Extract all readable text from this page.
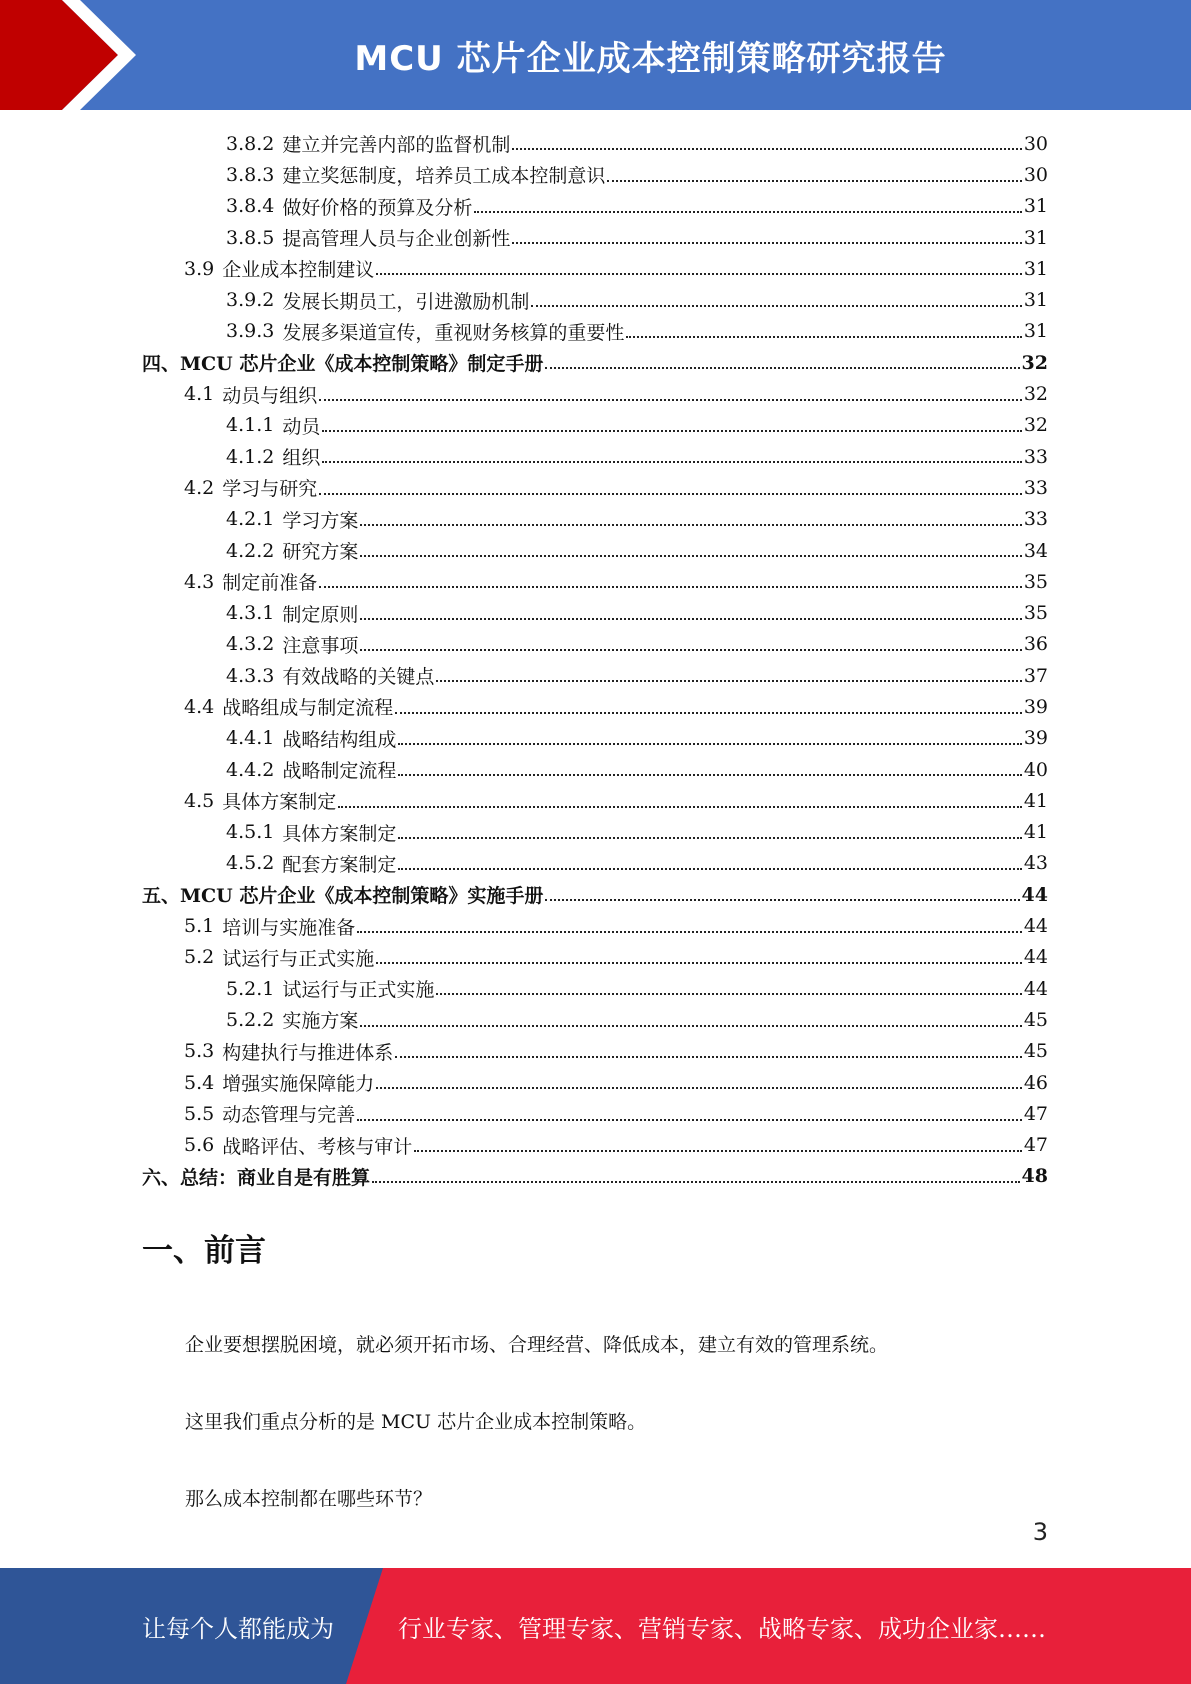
MCU 芯片企业成本控制策略研究报告
3.8.2 建立并完善内部的监督机制	30
3.8.3 建立奖惩制度，培养员工成本控制意识	30
3.8.4 做好价格的预算及分析	31
3.8.5 提高管理人员与企业创新性	31
3.9 企业成本控制建议	31
3.9.2 发展长期员工，引进激励机制	31
3.9.3 发展多渠道宣传，重视财务核算的重要性	31
四、MCU 芯片企业《成本控制策略》制定手册	32
4.1 动员与组织	32
4.1.1 动员	32
4.1.2 组织	33
4.2 学习与研究	33
4.2.1 学习方案	33
4.2.2 研究方案	34
4.3 制定前准备	35
4.3.1 制定原则	35
4.3.2 注意事项	36
4.3.3 有效战略的关键点	37
4.4 战略组成与制定流程	39
4.4.1 战略结构组成	39
4.4.2 战略制定流程	40
4.5 具体方案制定	41
4.5.1 具体方案制定	41
4.5.2 配套方案制定	43
五、MCU 芯片企业《成本控制策略》实施手册	44
5.1 培训与实施准备	44
5.2 试运行与正式实施	44
5.2.1 试运行与正式实施	44
5.2.2 实施方案	45
5.3 构建执行与推进体系	45
5.4 增强实施保障能力	46
5.5 动态管理与完善	47
5.6 战略评估、考核与审计	47
六、总结：商业自是有胜算	48
一、前言
企业要想摆脱困境，就必须开拓市场、合理经营、降低成本，建立有效的管理系统。
这里我们重点分析的是 MCU 芯片企业成本控制策略。
那么成本控制都在哪些环节？
3
让每个人都能成为	行业专家、管理专家、营销专家、战略专家、成功企业家……
